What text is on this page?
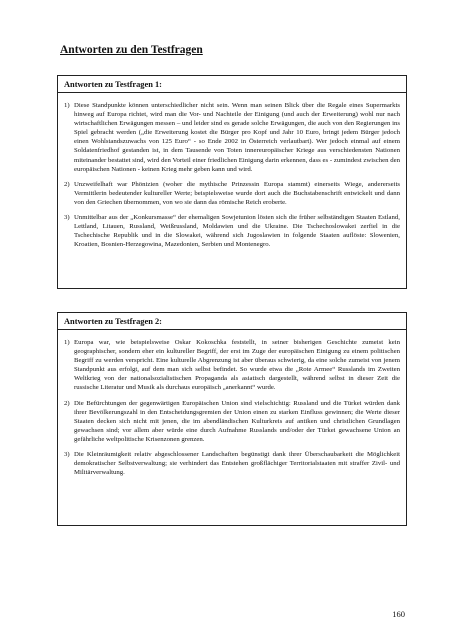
Antworten zu den Testfragen
Antworten zu Testfragen 1:
1) Diese Standpunkte können unterschiedlicher nicht sein. Wenn man seinen Blick über die Regale eines Supermarkts hinweg auf Europa richtet, wird man die Vor- und Nachteile der Einigung (und auch der Erweiterung) wohl nur nach wirtschaftlichen Erwägungen messen – und leider sind es gerade solche Erwägungen, die auch von den Regierungen ins Spiel gebracht werden („die Erweiterung kostet die Bürger pro Kopf und Jahr 10 Euro, bringt jedem Bürger jedoch einen Wohlstandszuwachs von 125 Euro“ - so Ende 2002 in Österreich verlautbart). Wer jedoch einmal auf einem Soldatenfriedhof gestanden ist, in dem Tausende von Toten innereuropäischer Kriege aus verschiedensten Nationen miteinander bestattet sind, wird den Vorteil einer friedlichen Einigung darin erkennen, dass es - zumindest zwischen den europäischen Nationen - keinen Krieg mehr geben kann und wird.
2) Unzweifelhaft war Phönizien (woher die mythische Prinzessin Europa stammt) einerseits Wiege, andererseits Vermittlerin bedeutender kultureller Werte; beispielsweise wurde dort auch die Buchstabenschrift entwickelt und dann von den Griechen übernommen, von wo sie dann das römische Reich eroberte.
3) Unmittelbar aus der „Konkursmasse“ der ehemaligen Sowjetunion lösten sich die früher selbständigen Staaten Estland, Lettland, Litauen, Russland, Weißrussland, Moldawien und die Ukraine. Die Tschechoslowakei zerfiel in die Tschechische Republik und in die Slowakei, während sich Jugoslawien in folgende Staaten auflöste: Slowenien, Kroatien, Bosnien-Herzegowina, Mazedonien, Serbien und Montenegro.
Antworten zu Testfragen 2:
1) Europa war, wie beispielsweise Oskar Kokoschka feststellt, in seiner bisherigen Geschichte zumeist kein geographischer, sondern eher ein kultureller Begriff, der erst im Zuge der europäischen Einigung zu einem politischen Begriff zu werden verspricht. Eine kulturelle Abgrenzung ist aber überaus schwierig, da eine solche zumeist von jenem Standpunkt aus erfolgt, auf dem man sich selbst befindet. So wurde etwa die „Rote Armee“ Russlands im Zweiten Weltkrieg von der nationalsozialistischen Propaganda als asiatisch dargestellt, während selbst in dieser Zeit die russische Literatur und Musik als durchaus europäisch „anerkannt“ wurde.
2) Die Befürchtungen der gegenwärtigen Europäischen Union sind vielschichtig: Russland und die Türkei würden dank ihrer Bevölkerungszahl in den Entscheidungsgremien der Union einen zu starken Einfluss gewinnen; die Werte dieser Staaten decken sich nicht mit jenen, die im abendländischen Kulturkreis auf antiken und christlichen Grundlagen gewachsen sind; vor allem aber würde eine durch Aufnahme Russlands und/oder der Türkei gewachsene Union an gefährliche weltpolitische Krisenzonen grenzen.
3) Die Kleinräumigkeit relativ abgeschlossener Landschaften begünstigt dank ihrer Überschaubarkeit die Möglichkeit demokratischer Selbstverwaltung; sie verhindert das Entstehen großflächiger Territorialstaaten mit straffer Zivil- und Militärverwaltung.
160
